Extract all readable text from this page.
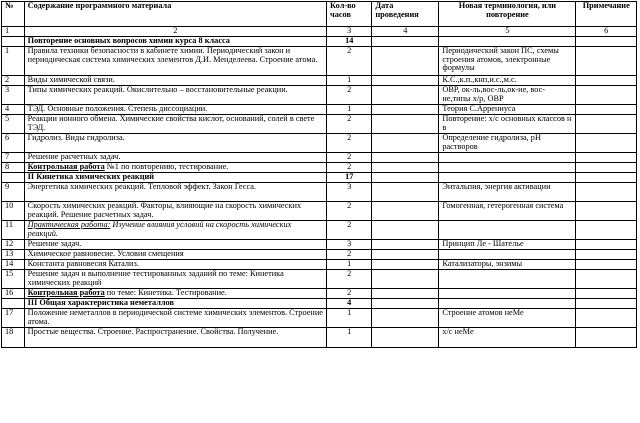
№	Содержание программного материала	Кол-во часов	Дата проведения	Новая терминология, или повторение	Примечание
1	2	3	4	5	6
	Повторение основных вопросов химии курса 8 класса	14			
1	Правила техники безопасности в кабинете химии. Периодический закон и периодическая система химических элементов Д.И. Менделеева. Строение атома.	2		Периодический закон ПС, схемы строения атомов, электронные формулы	
2	Виды химической связи.	1		К.С.,к.п.,кнп,и.с.,м.с.	
3	Типы химических реакций. Окислительно – восстановительные реакции.	2		ОВР, ок-ль,вос-ль,ок-ие, вос-ие,типы х/р, ОВР	
4	ТЭД. Основные положения. Степень диссоциации.	1		Теория С.Аррениуса	
5	Реакции ионного обмена. Химические свойства кислот, оснований, солей в свете ТЭД.	2		Повторение: х/с основных классов н в	
6	Гидролиз. Виды гидролиза.	2		Определение гидролиза, рН растворов	
7	Решение расчетных задач.	2			
8	Контрольная работа №1 по повторению, тестирование.	2			
	II Кинетика химических реакций	17			
9	Энергетика химических реакций. Тепловой эффект. Закон Гесса.	3		Энтальпия, энергия активации	
10	Скорость химических реакций. Факторы, влияющие на скорость химических реакций. Решение расчетных задач.	2		Гомогенная, гетерогенная система	
11	Практическая работа: Изучение влияния условий на скорость химических реакций.	2			
12	Решение задач.	3		Принцип Ле - Шателье	
13	Химическое равновесие. Условия смещения	2			
14	Константа равновесия Катализ.	1		Катализаторы, энзимы	
15	Решение задач и выполнение тестированных заданий по теме: Кинетика химических реакций	2			
16	Контрольная работа по теме: Кинетика. Тестирование.	2			
	III Общая характеристика неметаллов	4			
17	Положение неметаллов в периодической системе химических элементов. Строение атома.	1		Строение атомов неМе	
18	Простые вещества. Строение. Распространение. Свойства. Получение.	1		х/с неМе	
